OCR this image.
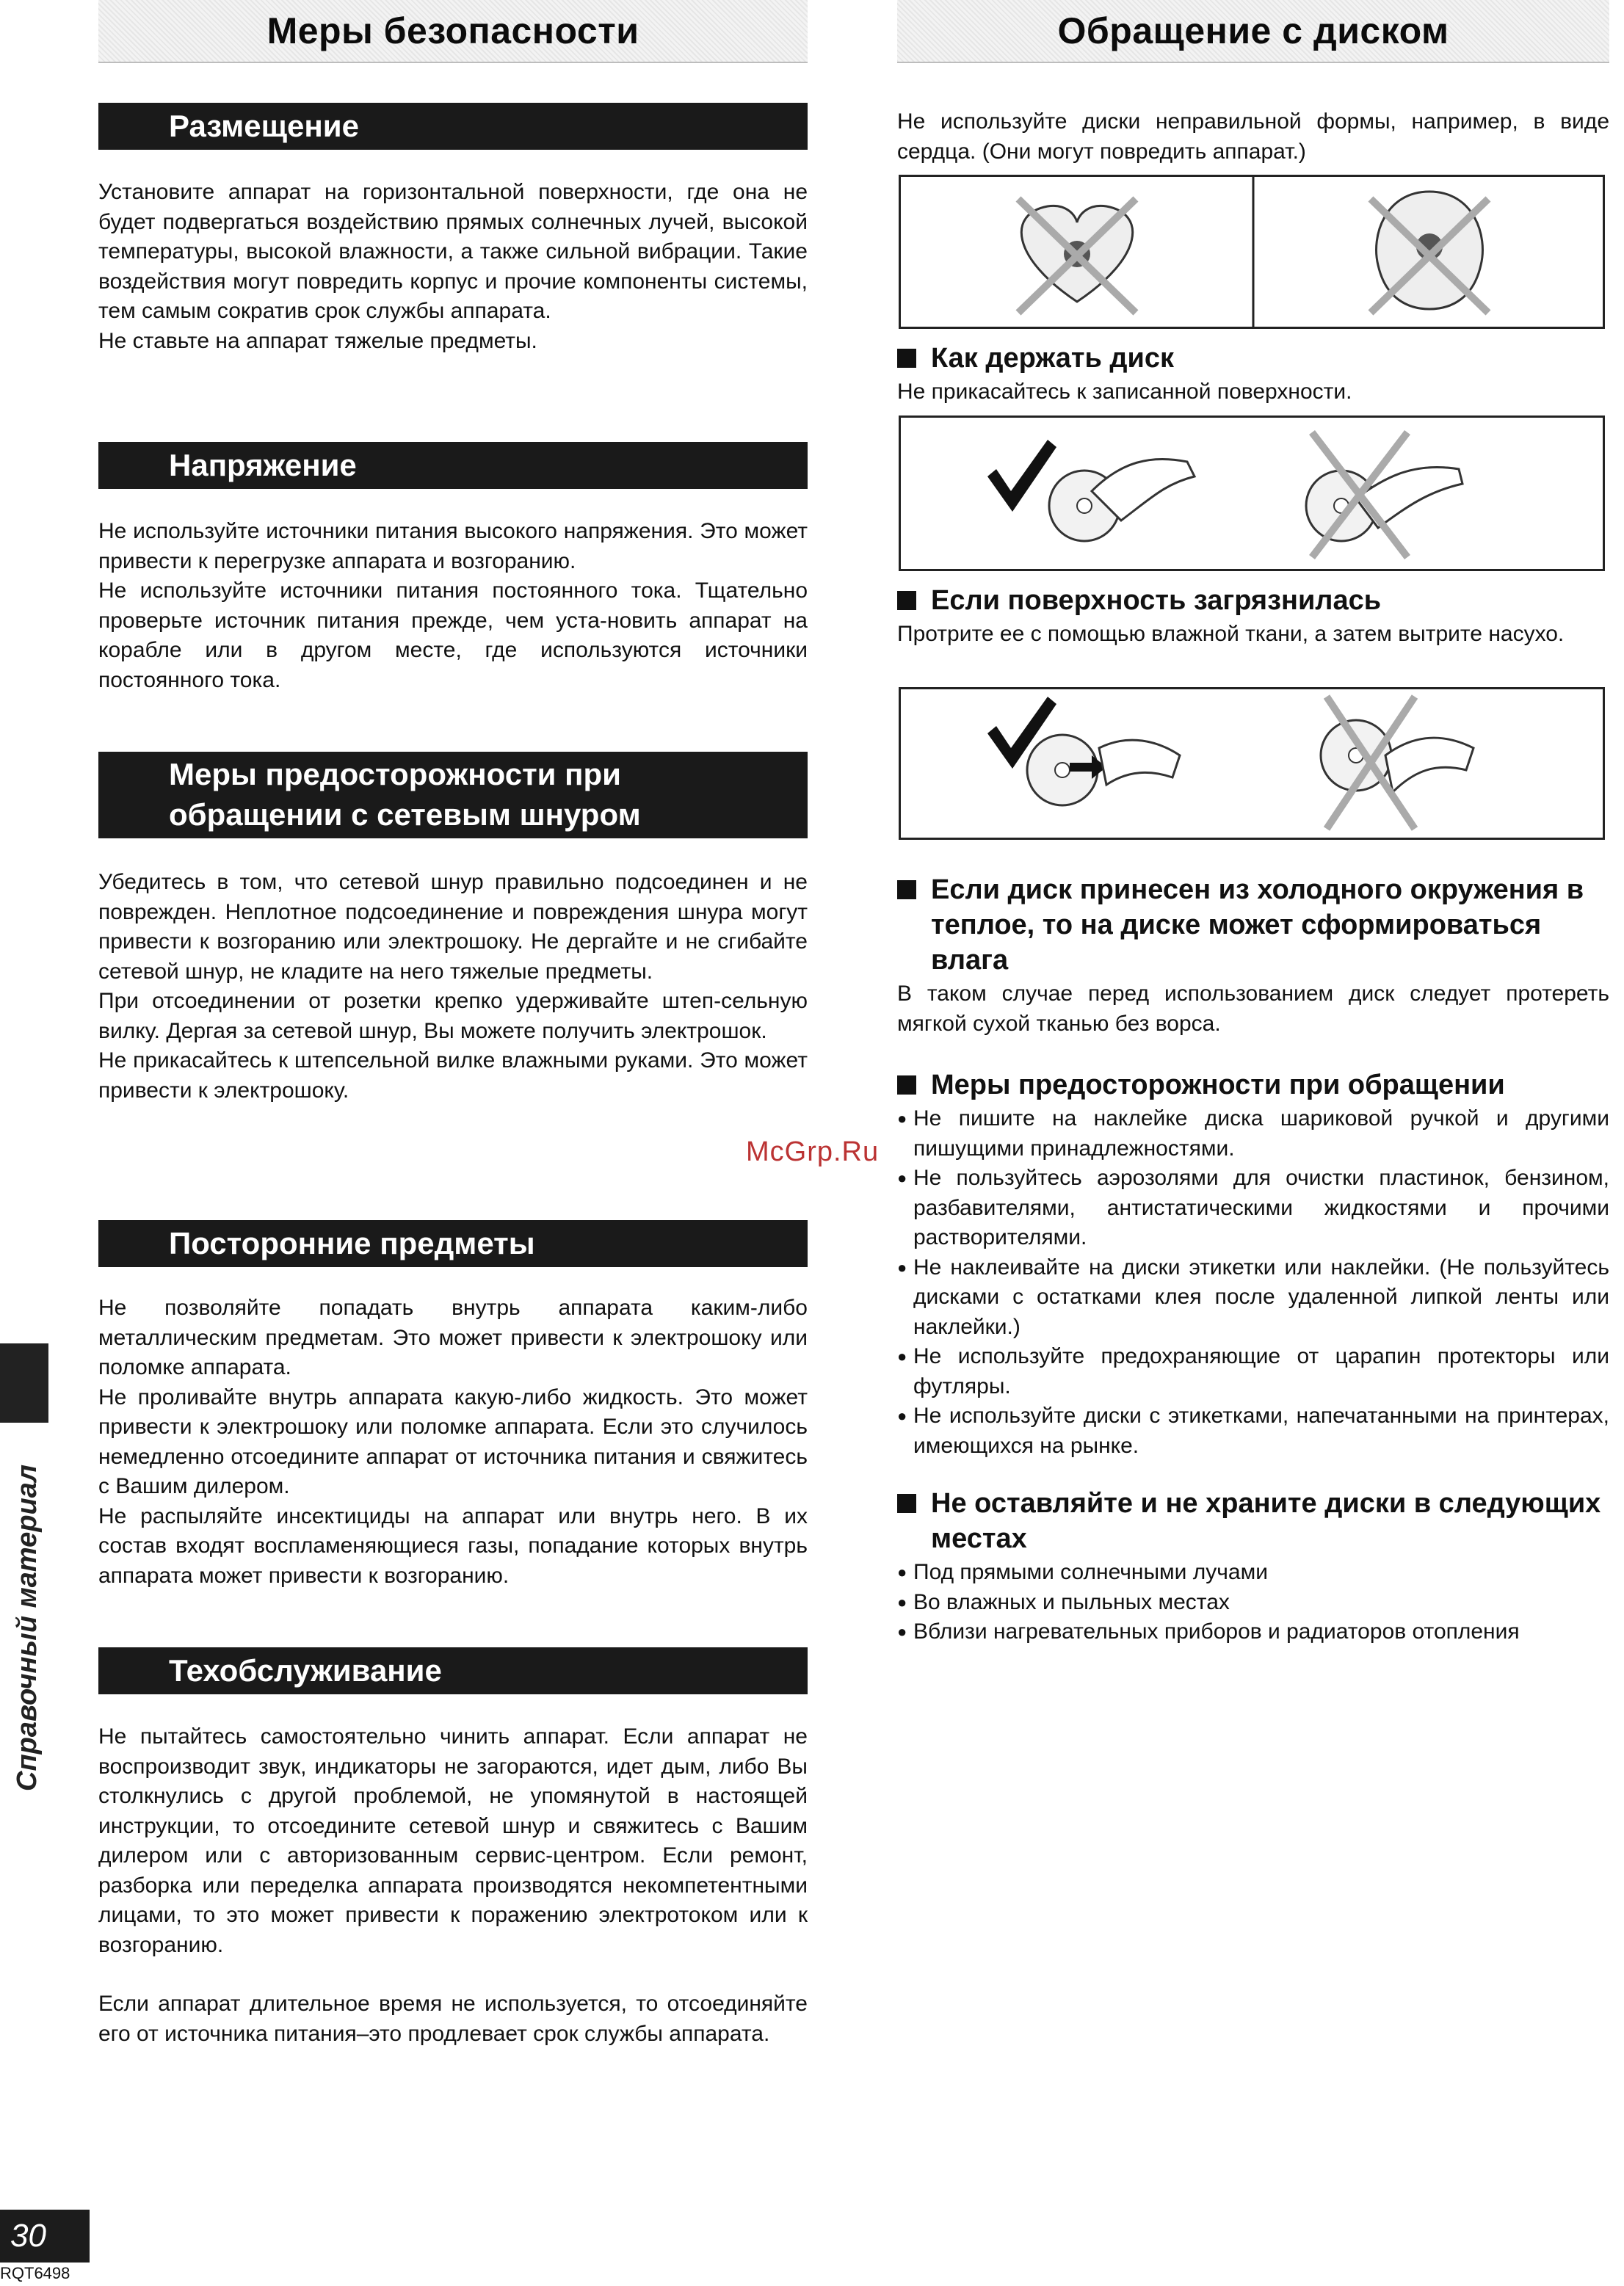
Меры безопасности	Обращение с диском
Размещение

Установите аппарат на горизонтальной поверхности, где она не будет подвергаться воздействию прямых солнечных лучей, высокой температуры, высокой влажности, а также сильной вибрации. Такие воздействия могут повредить корпус и прочие компоненты системы, тем самым сократив срок службы аппарата.

Не ставьте на аппарат тяжелые предметы.

Напряжение

Не используйте источники питания высокого напряжения. Это может привести к перегрузке аппарата и возгоранию.

Не используйте источники питания постоянного тока. Тщательно проверьте источник питания прежде, чем уста-новить аппарат на корабле или в другом месте, где используются источники постоянного тока.

Меры предосторожности при
обращении с сетевым шнуром

Убедитесь в том, что сетевой шнур правильно подсоединен и не поврежден. Неплотное подсоединение и повреждения шнура могут привести к возгоранию или электрошоку. Не дергайте и не сгибайте сетевой шнур, не кладите на него тяжелые предметы.

При отсоединении от розетки крепко удерживайте штеп-сельную вилку. Дергая за сетевой шнур, Вы можете получить электрошок.

Не прикасайтесь к штепсельной вилке влажными руками. Это может привести к электрошоку.

Посторонние предметы

Не позволяйте попадать внутрь аппарата каким-либо металлическим предметам. Это может привести к электрошоку или поломке аппарата.

Не проливайте внутрь аппарата какую-либо жидкость. Это может привести к электрошоку или поломке аппарата. Если это случилось немедленно отсоедините аппарат от источника питания и свяжитесь с Вашим дилером.

Не распыляйте инсектициды на аппарат или внутрь него. В их состав входят воспламеняющиеся газы, попадание которых внутрь аппарата может привести к возгоранию.

Техобслуживание

Не пытайтесь самостоятельно чинить аппарат. Если аппарат не воспроизводит звук, индикаторы не загораются, идет дым, либо Вы столкнулись с другой проблемой, не упомянутой в настоящей инструкции, то отсоедините сетевой шнур и свяжитесь с Вашим дилером или с авторизованным сервис-центром. Если ремонт, разборка или переделка аппарата производятся некомпетентными лицами, то это может привести к поражению электротоком или к возгоранию.

Если аппарат длительное время не используется, то отсоединяйте его от источника питания–это продлевает срок службы аппарата.

Не используйте диски неправильной формы, например, в виде сердца. (Они могут повредить аппарат.)
Как держать диск
Не прикасайтесь к записанной поверхности.
Если поверхность загрязнилась
Протрите ее с помощью влажной ткани, а затем вытрите насухо.
Если диск принесен из холодного окружения в теплое, то на диске может сформироваться влага
В таком случае перед использованием диск следует протереть мягкой сухой тканью без ворса.
Меры предосторожности при обращении
● Не пишите на наклейке диска шариковой ручкой и другими пишущими принадлежностями.
● Не пользуйтесь аэрозолями для очистки пластинок, бензином, разбавителями, антистатическими жидкостями и прочими растворителями.
● Не наклеивайте на диски этикетки или наклейки. (Не пользуйтесь дисками с остатками клея после удаленной липкой ленты или наклейки.)
● Не используйте предохраняющие от царапин протекторы или футляры.
● Не используйте диски с этикетками, напечатанными на принтерах, имеющихся на рынке.
Не оставляйте и не храните диски в следующих местах
● Под прямыми солнечными лучами
● Во влажных и пыльных местах
● Вблизи нагревательных приборов и радиаторов отопления
McGrp.Ru
Справочный материал
30
RQT6498
